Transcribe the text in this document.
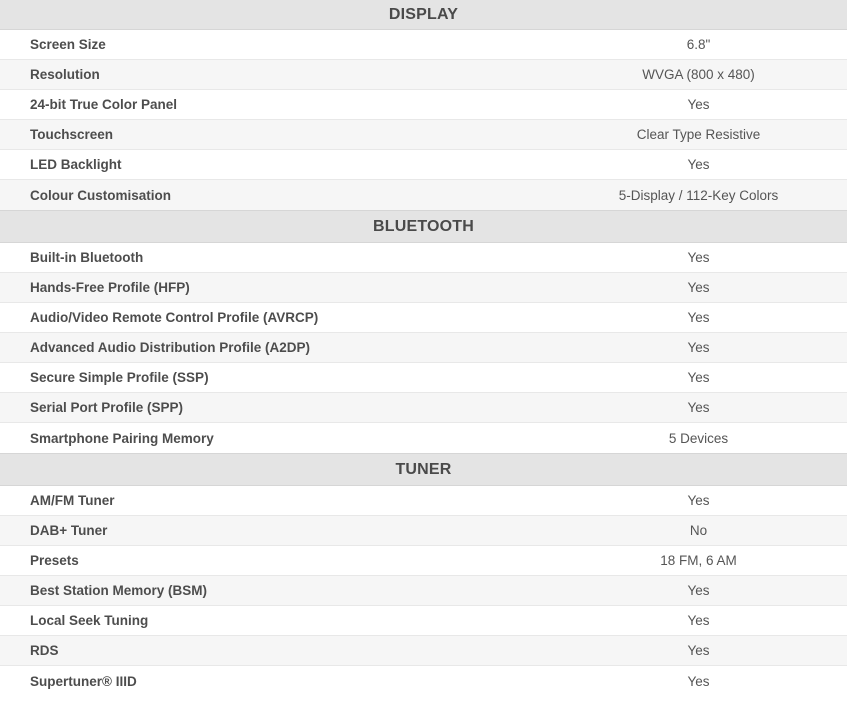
DISPLAY
Screen Size	6.8"
Resolution	WVGA (800 x 480)
24-bit True Color Panel	Yes
Touchscreen	Clear Type Resistive
LED Backlight	Yes
Colour Customisation	5-Display / 112-Key Colors
BLUETOOTH
Built-in Bluetooth	Yes
Hands-Free Profile (HFP)	Yes
Audio/Video Remote Control Profile (AVRCP)	Yes
Advanced Audio Distribution Profile (A2DP)	Yes
Secure Simple Profile (SSP)	Yes
Serial Port Profile (SPP)	Yes
Smartphone Pairing Memory	5 Devices
TUNER
AM/FM Tuner	Yes
DAB+ Tuner	No
Presets	18 FM, 6 AM
Best Station Memory (BSM)	Yes
Local Seek Tuning	Yes
RDS	Yes
Supertuner® IIID	Yes
